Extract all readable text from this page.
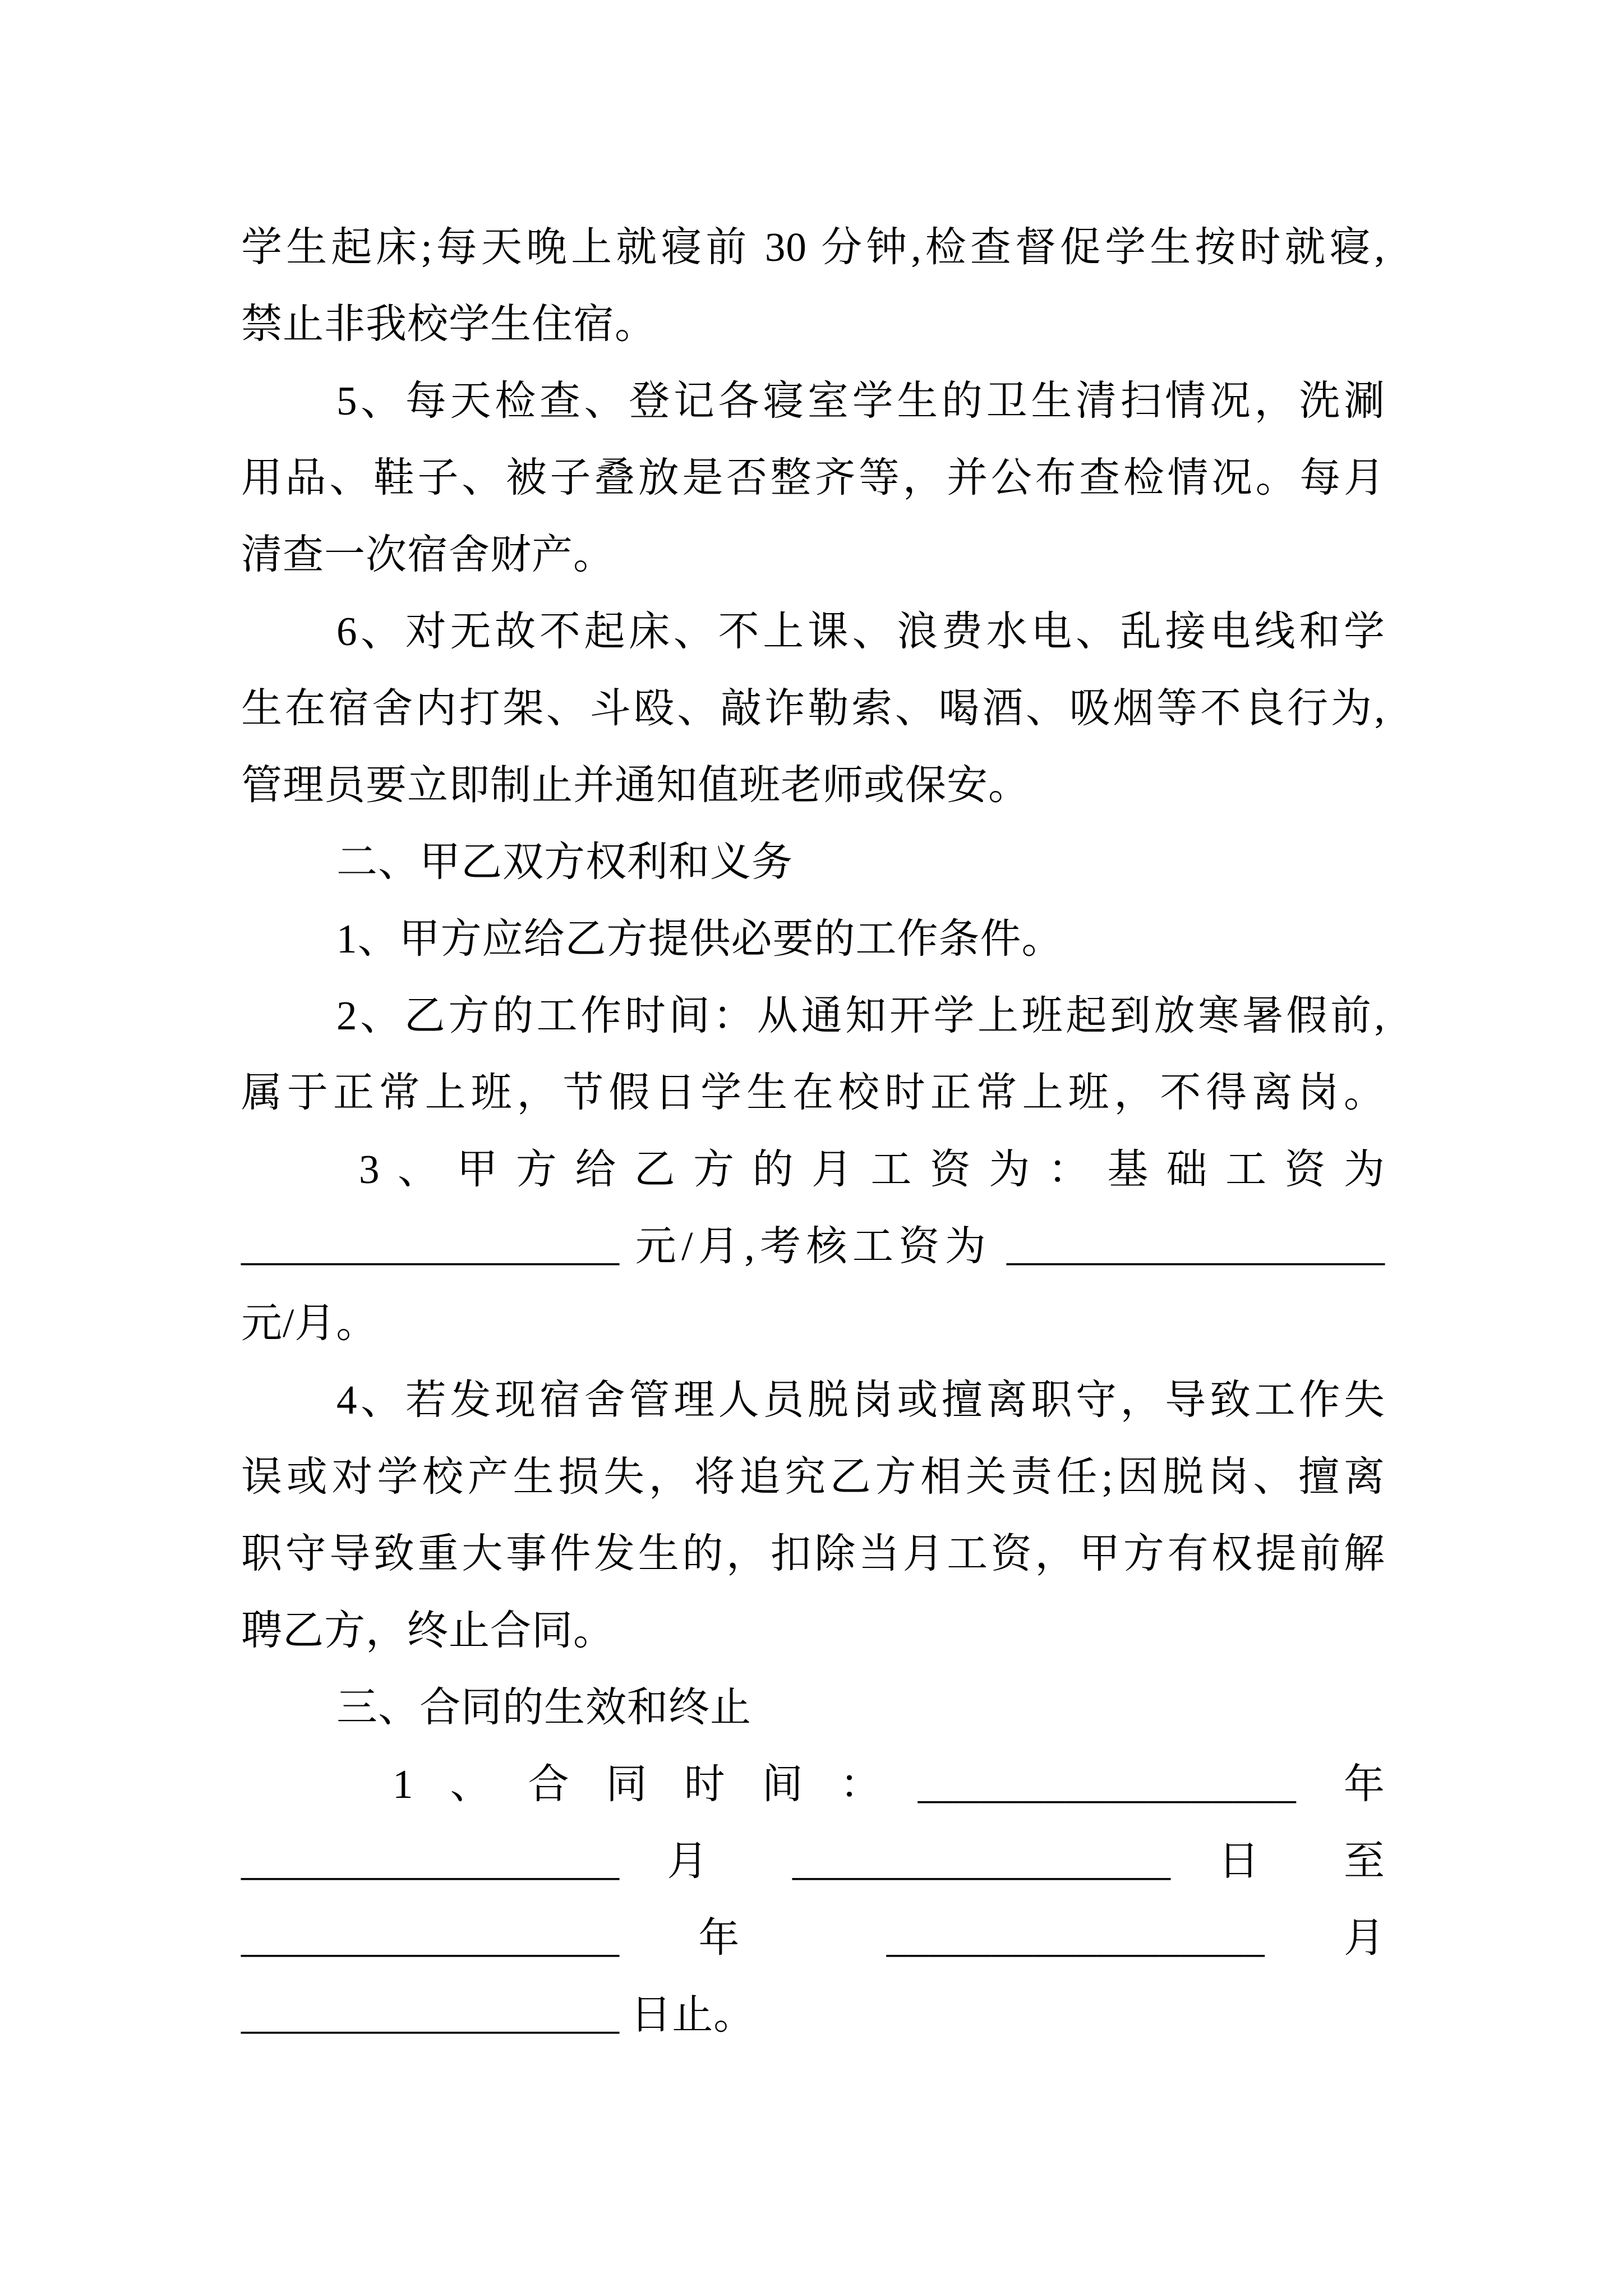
学生起床;每天晚上就寝前 30 分钟,检查督促学生按时就寝,
禁止非我校学生住宿。
5、每天检查、登记各寝室学生的卫生清扫情况，洗涮
用品、鞋子、被子叠放是否整齐等，并公布查检情况。每月
清查一次宿舍财产。
6、对无故不起床、不上课、浪费水电、乱接电线和学
生在宿舍内打架、斗殴、敲诈勒索、喝酒、吸烟等不良行为,
管理员要立即制止并通知值班老师或保安。
二、甲乙双方权利和义务
1、甲方应给乙方提供必要的工作条件。
2、乙方的工作时间：从通知开学上班起到放寒暑假前,
属于正常上班，节假日学生在校时正常上班，不得离岗。
3、甲方给乙方的月工资为：基础工资为
__________________ 元/月,考核工资为 __________________
元/月。
4、若发现宿舍管理人员脱岗或擅离职守，导致工作失
误或对学校产生损失，将追究乙方相关责任;因脱岗、擅离
职守导致重大事件发生的，扣除当月工资，甲方有权提前解
聘乙方，终止合同。
三、合同的生效和终止
1、合同时间：__________________ 年
__________________ 月 __________________ 日 至
__________________ 年 __________________ 月
__________________ 日止。
